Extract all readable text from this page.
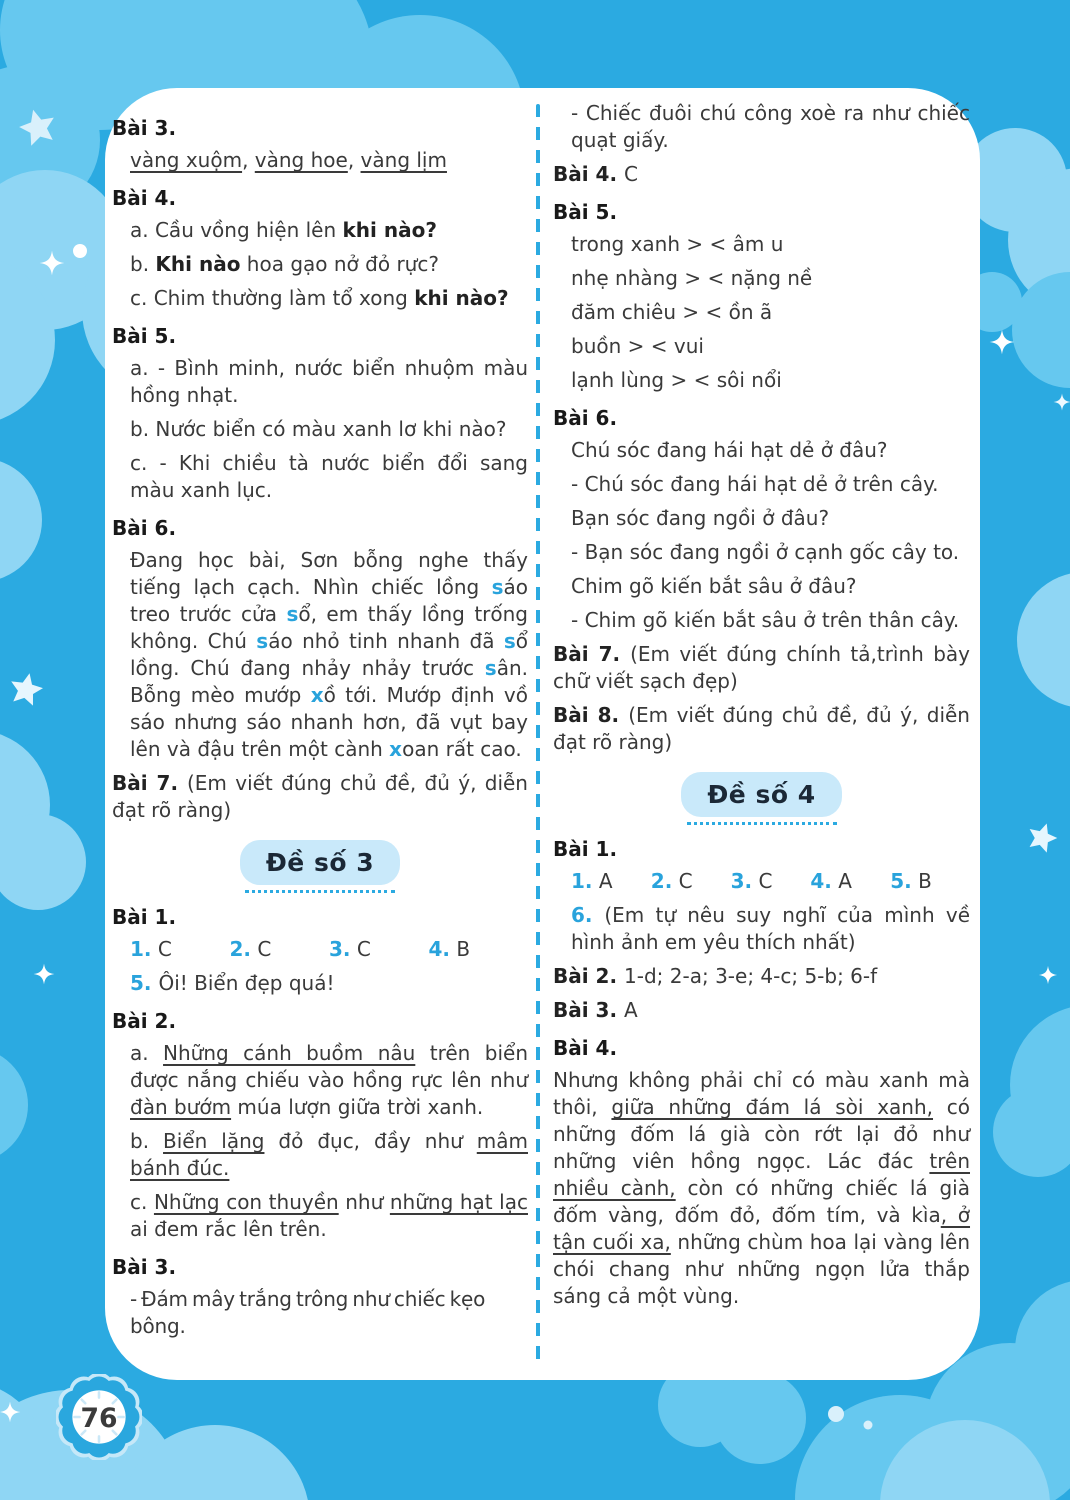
Bài 3.
vàng xuộm, vàng hoe, vàng lịm
Bài 4.
a. Cầu vồng hiện lên khi nào?
b. Khi nào hoa gạo nở đỏ rực?
c. Chim thường làm tổ xong khi nào?
Bài 5.
a. - Bình minh, nước biển nhuộm màu hồng nhạt.
b. Nước biển có màu xanh lơ khi nào?
c. - Khi chiều tà nước biển đổi sang màu xanh lục.
Bài 6.
Đang học bài, Sơn bỗng nghe thấy tiếng lạch cạch. Nhìn chiếc lồng sáo treo trước cửa sổ, em thấy lồng trống không. Chú sáo nhỏ tinh nhanh đã sổ lồng. Chú đang nhảy nhảy trước sân. Bỗng mèo mướp xồ tới. Mướp định vồ sáo nhưng sáo nhanh hơn, đã vụt bay lên và đậu trên một cành xoan rất cao.
Bài 7. (Em viết đúng chủ đề, đủ ý, diễn đạt rõ ràng)
Đề số 3
Bài 1.
1. C	2. C	3. C	4. B
5. Ôi! Biển đẹp quá!
Bài 2.
a. Những cánh buồm nâu trên biển được nắng chiếu vào hồng rực lên như đàn bướm múa lượn giữa trời xanh.
b. Biển lặng đỏ đục, đầy như mâm bánh đúc.
c. Những con thuyền như những hạt lạc ai đem rắc lên trên.
Bài 3.
- Đám mây trắng trông như chiếc kẹo bông.
- Chiếc đuôi chú công xoè ra như chiếc quạt giấy.
Bài 4. C
Bài 5.
trong xanh > < âm u
nhẹ nhàng > < nặng nề
đăm chiêu > < ồn ã
buồn > < vui
lạnh lùng > < sôi nổi
Bài 6.
Chú sóc đang hái hạt dẻ ở đâu?
- Chú sóc đang hái hạt dẻ ở trên cây.
Bạn sóc đang ngồi ở đâu?
- Bạn sóc đang ngồi ở cạnh gốc cây to.
Chim gõ kiến bắt sâu ở đâu?
- Chim gõ kiến bắt sâu ở trên thân cây.
Bài 7. (Em viết đúng chính tả,trình bày chữ viết sạch đẹp)
Bài 8. (Em viết đúng chủ đề, đủ ý, diễn đạt rõ ràng)
Đề số 4
Bài 1.
1. A	2. C	3. C	4. A	5. B
6. (Em tự nêu suy nghĩ của mình về hình ảnh em yêu thích nhất)
Bài 2. 1-d; 2-a; 3-e; 4-c; 5-b; 6-f
Bài 3. A
Bài 4.
Nhưng không phải chỉ có màu xanh mà thôi, giữa những đám lá sòi xanh, có những đốm lá già còn rớt lại đỏ như những viên hồng ngọc. Lác đác trên nhiều cành, còn có những chiếc lá già đốm vàng, đốm đỏ, đốm tím, và kìa, ở tận cuối xa, những chùm hoa lại vàng lên chói chang như những ngọn lửa thắp sáng cả một vùng.
76
